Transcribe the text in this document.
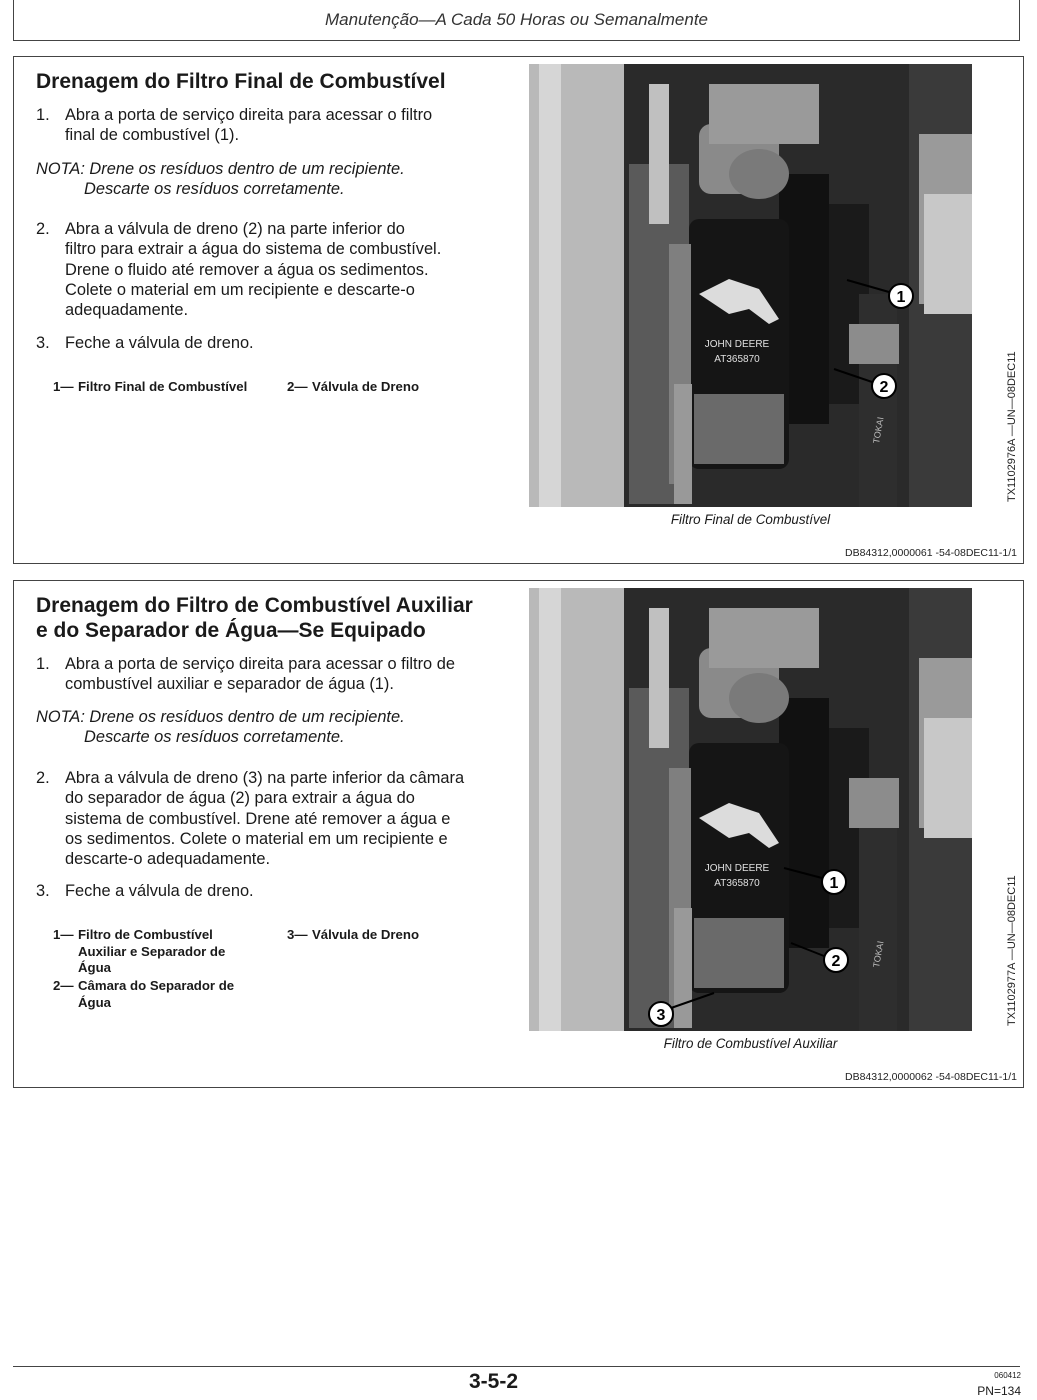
Manutenção—A Cada 50 Horas ou Semanalmente
Drenagem do Filtro Final de Combustível
1. Abra a porta de serviço direita para acessar o filtro
final de combustível (1).
NOTA: Drene os resíduos dentro de um recipiente.
Descarte os resíduos corretamente.
2. Abra a válvula de dreno (2) na parte inferior do
filtro para extrair a água do sistema de combustível.
Drene o fluido até remover a água os sedimentos.
Colete o material em um recipiente e descarte-o
adequadamente.
3. Feche a válvula de dreno.
1— Filtro Final de Combustível	2— Válvula de Dreno
JOHN DEERE
AT365870
TOKAI
1
2	TX1102976A —UN—08DEC11
Filtro Final de Combustível
DB84312,0000061 -54-08DEC11-1/1
Drenagem do Filtro de Combustível Auxiliar
e do Separador de Água—Se Equipado
1. Abra a porta de serviço direita para acessar o filtro de
combustível auxiliar e separador de água (1).
NOTA: Drene os resíduos dentro de um recipiente.
Descarte os resíduos corretamente.
2. Abra a válvula de dreno (3) na parte inferior da câmara
do separador de água (2) para extrair a água do
sistema de combustível. Drene até remover a água e
os sedimentos. Colete o material em um recipiente e
descarte-o adequadamente.
3. Feche a válvula de dreno.
1— Filtro de Combustível
Auxiliar e Separador de
Água
2— Câmara do Separador de
Água
3— Válvula de Dreno
JOHN DEERE
AT365870
TOKAI
1
2
3	TX1102977A —UN—08DEC11
Filtro de Combustível Auxiliar
DB84312,0000062 -54-08DEC11-1/1
3-5-2	060412
PN=134
